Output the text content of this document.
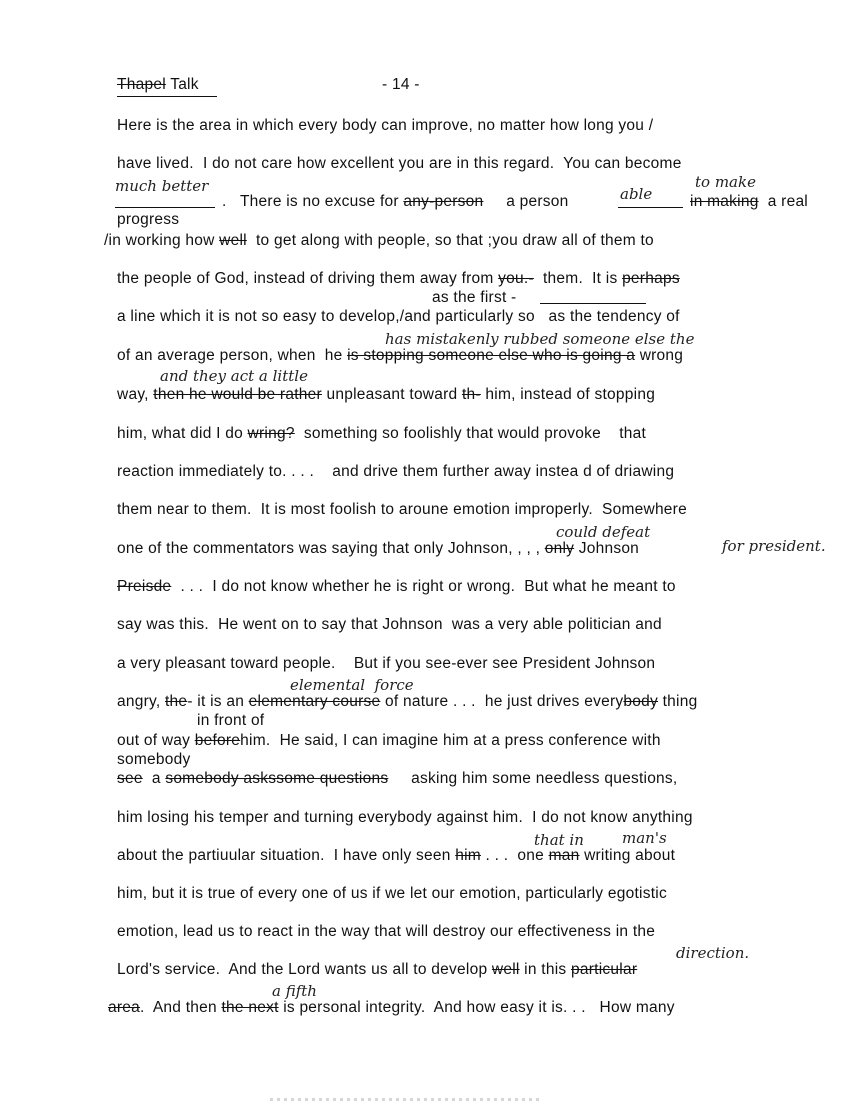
Thapel Talk	- 14 -
Here is the area in which every body can improve, no matter how long you /
have lived.  I do not care how excellent you are in this regard.  You can become
much better
.   There is no excuse for any-person a person	able
to make
in making a real
progress
/in working how well to get along with people, so that ;you draw all of them to
the people of God, instead of driving them away from you.- them.  It is perhaps
as the first -
a line which it is not so easy to develop,/and particularly so   as the tendency of
has mistakenly rubbed someone else the
of an average person, when  he is stopping someone else who is going a wrong
and they act a little
way, then he would be rather unpleasant toward th- him, instead of stopping
him, what did I do wring? something so foolishly that would provoke    that
reaction immediately to. . . .    and drive them further away instea d of driawing
them near to them.  It is most foolish to aroune emotion improperly.  Somewhere
could defeat
one of the commentators was saying that only Johnson, , , , only Johnson	for president.
Preisde . . .  I do not know whether he is right or wrong.  But what he meant to
say was this.  He went on to say that Johnson  was a very able politician and
a very pleasant toward people.    But if you see-ever see President Johnson
elemental  force
angry, the- it is an elementary course of nature . . .  he just drives everybody thing
in front of
out of way beforehim.  He said, I can imagine him at a press conference with
somebody
see a somebody askssome questions asking him some needless questions,
him losing his temper and turning everybody against him.  I do not know anything
that in	man's
about the partiuular situation.  I have only seen him . . .  one man writing about
him, but it is true of every one of us if we let our emotion, particularly egotistic
emotion, lead us to react in the way that will destroy our effectiveness in the
direction.
Lord's service.  And the Lord wants us all to develop well in this particular
a fifth
area.  And then the next is personal integrity.  And how easy it is. . .   How many
